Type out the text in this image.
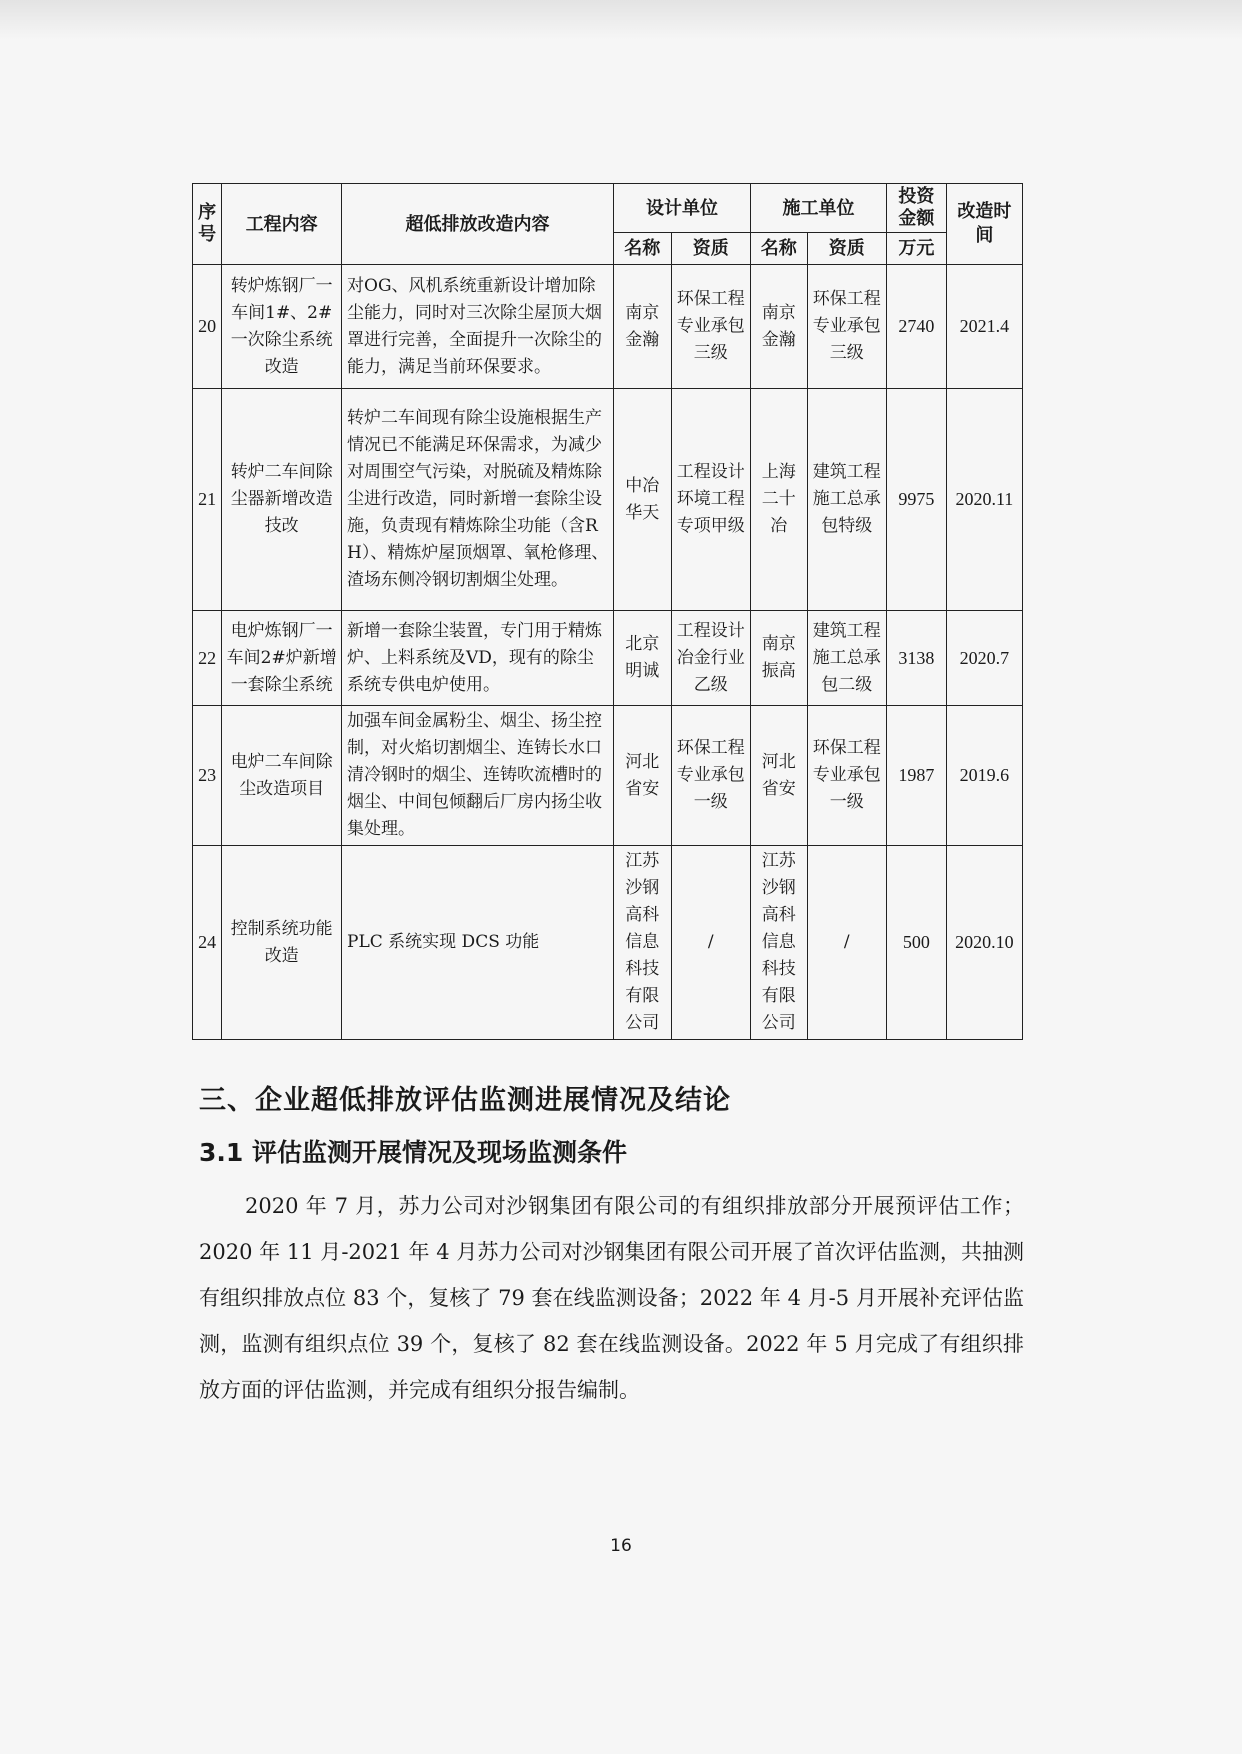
序号	工程内容	超低排放改造内容	设计单位		施工单位		投资金额	改造时间
			名称	资质	名称	资质	万元	
20	转炉炼钢厂一车间1#、2#一次除尘系统改造	对OG、风机系统重新设计增加除尘能力，同时对三次除尘屋顶大烟罩进行完善，全面提升一次除尘的能力，满足当前环保要求。	南京金瀚	环保工程专业承包三级	南京金瀚	环保工程专业承包三级	2740	2021.4
21	转炉二车间除尘器新增改造技改	转炉二车间现有除尘设施根据生产情况已不能满足环保需求，为减少对周围空气污染，对脱硫及精炼除尘进行改造，同时新增一套除尘设施，负责现有精炼除尘功能（含RH）、精炼炉屋顶烟罩、氧枪修理、渣场东侧冷钢切割烟尘处理。	中冶华天	工程设计环境工程专项甲级	上海二十冶	建筑工程施工总承包特级	9975	2020.11
22	电炉炼钢厂一车间2#炉新增一套除尘系统	新增一套除尘装置，专门用于精炼炉、上料系统及VD，现有的除尘系统专供电炉使用。	北京明诚	工程设计冶金行业乙级	南京振高	建筑工程施工总承包二级	3138	2020.7
23	电炉二车间除尘改造项目	加强车间金属粉尘、烟尘、扬尘控制，对火焰切割烟尘、连铸长水口清冷钢时的烟尘、连铸吹流槽时的烟尘、中间包倾翻后厂房内扬尘收集处理。	河北省安	环保工程专业承包一级	河北省安	环保工程专业承包一级	1987	2019.6
24	控制系统功能改造	PLC 系统实现 DCS 功能	江苏沙钢高科信息科技有限公司	/	江苏沙钢高科信息科技有限公司	/	500	2020.10
三、企业超低排放评估监测进展情况及结论
3.1 评估监测开展情况及现场监测条件
2020 年 7 月，苏力公司对沙钢集团有限公司的有组织排放部分开展预评估工作；2020 年 11 月-2021 年 4 月苏力公司对沙钢集团有限公司开展了首次评估监测，共抽测有组织排放点位 83 个，复核了 79 套在线监测设备；2022 年 4 月-5 月开展补充评估监测，监测有组织点位 39 个，复核了 82 套在线监测设备。2022 年 5 月完成了有组织排放方面的评估监测，并完成有组织分报告编制。
16
